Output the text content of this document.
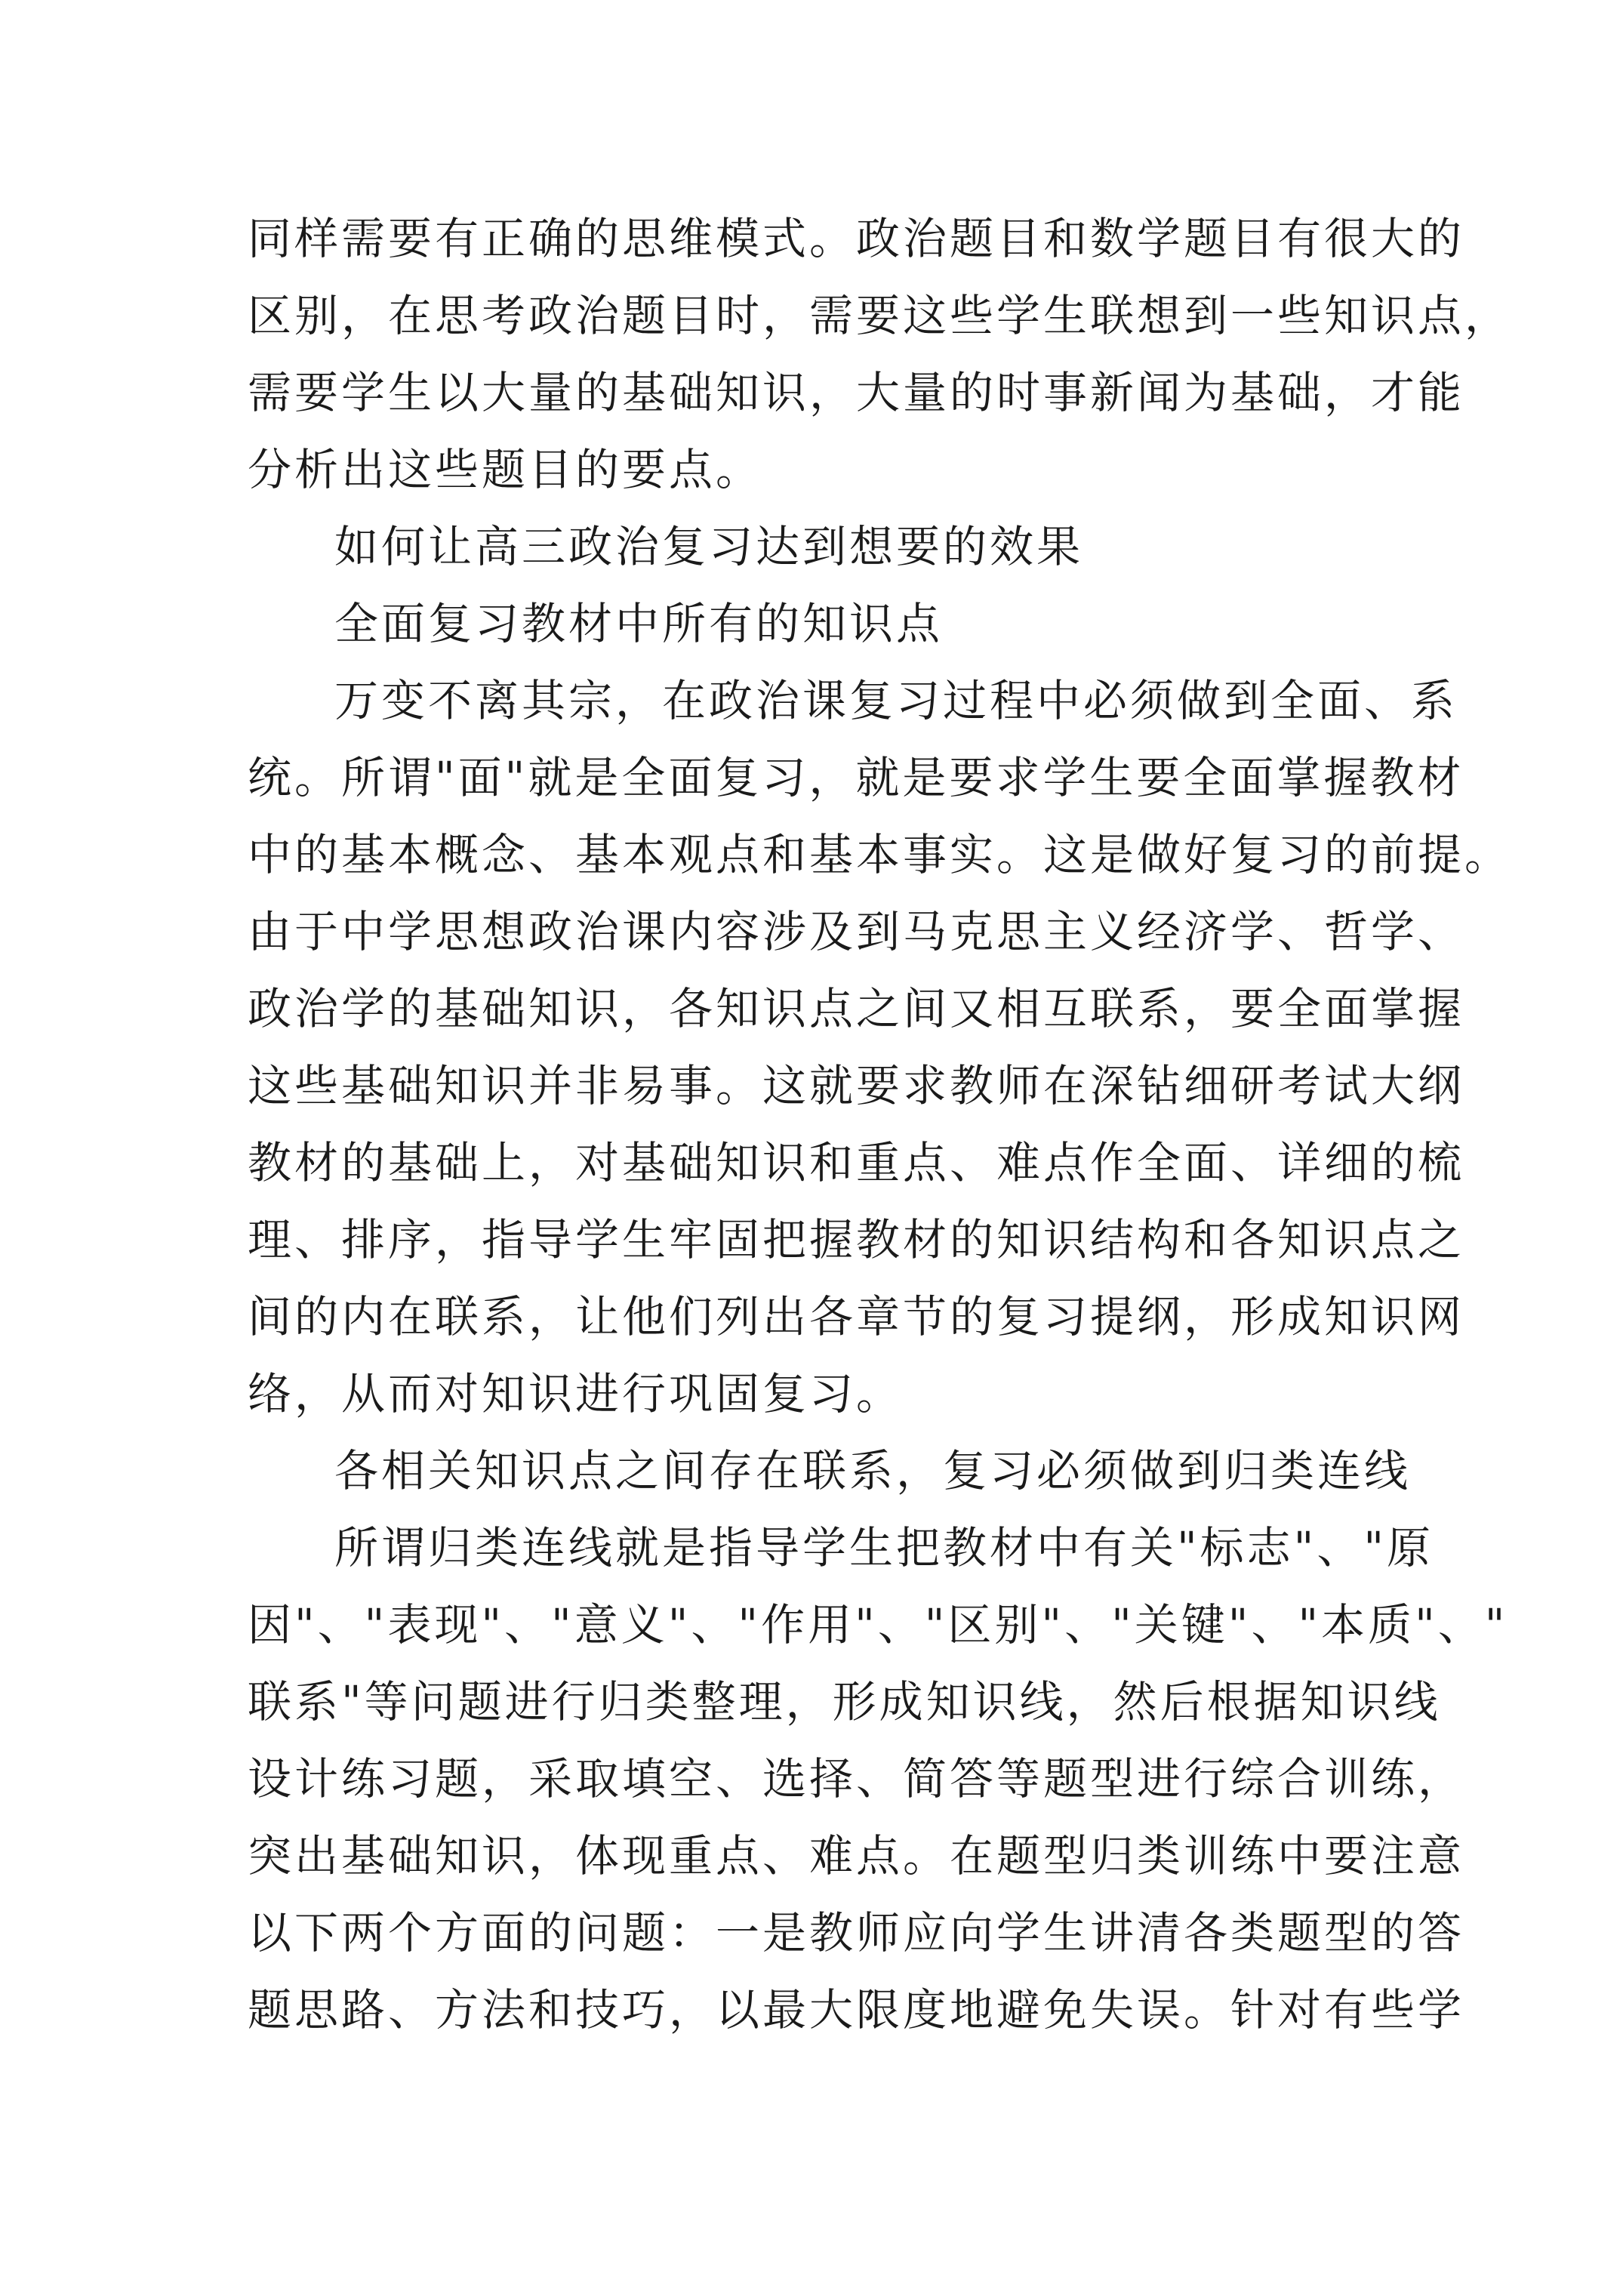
同样需要有正确的思维模式。政治题目和数学题目有很大的
区别，在思考政治题目时，需要这些学生联想到一些知识点，
需要学生以大量的基础知识，大量的时事新闻为基础，才能
分析出这些题目的要点。
如何让高三政治复习达到想要的效果
全面复习教材中所有的知识点
万变不离其宗，在政治课复习过程中必须做到全面、系
统。所谓"面"就是全面复习，就是要求学生要全面掌握教材
中的基本概念、基本观点和基本事实。这是做好复习的前提。
由于中学思想政治课内容涉及到马克思主义经济学、哲学、
政治学的基础知识，各知识点之间又相互联系，要全面掌握
这些基础知识并非易事。这就要求教师在深钻细研考试大纲
教材的基础上，对基础知识和重点、难点作全面、详细的梳
理、排序，指导学生牢固把握教材的知识结构和各知识点之
间的内在联系，让他们列出各章节的复习提纲，形成知识网
络，从而对知识进行巩固复习。
各相关知识点之间存在联系，复习必须做到归类连线
所谓归类连线就是指导学生把教材中有关"标志"、"原
因"、"表现"、"意义"、"作用"、"区别"、"关键"、"本质"、"
联系"等问题进行归类整理，形成知识线，然后根据知识线
设计练习题，采取填空、选择、简答等题型进行综合训练，
突出基础知识，体现重点、难点。在题型归类训练中要注意
以下两个方面的问题：一是教师应向学生讲清各类题型的答
题思路、方法和技巧，以最大限度地避免失误。针对有些学
